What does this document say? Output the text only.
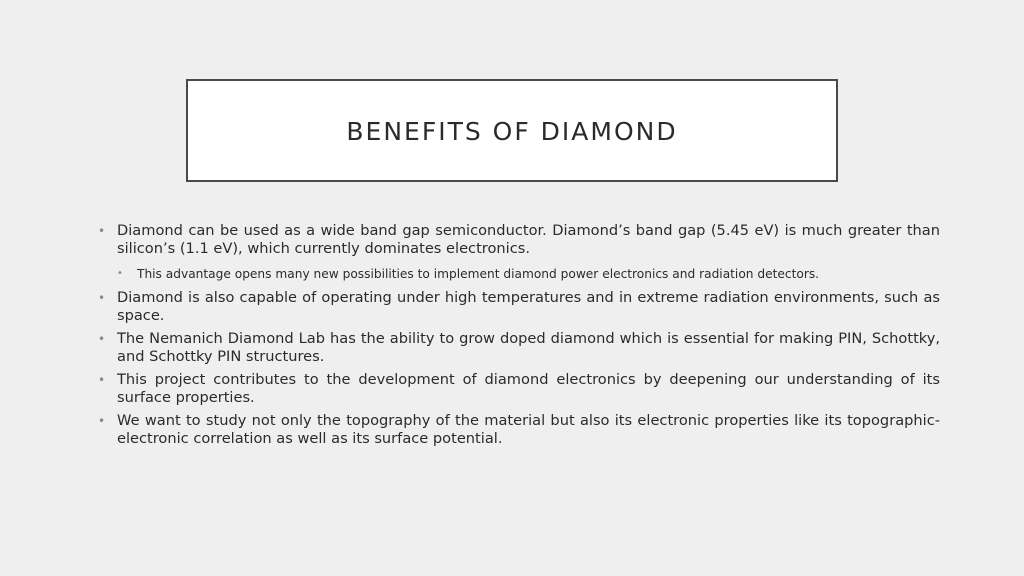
BENEFITS OF DIAMOND
• Diamond can be used as a wide band gap semiconductor. Diamond’s band gap (5.45 eV) is much greater than silicon’s (1.1 eV), which currently dominates electronics.
• This advantage opens many new possibilities to implement diamond power electronics and radiation detectors.
• Diamond is also capable of operating under high temperatures and in extreme radiation environments, such as space.
• The Nemanich Diamond Lab has the ability to grow doped diamond which is essential for making PIN, Schottky, and Schottky PIN structures.
• This project contributes to the development of diamond electronics by deepening our understanding of its surface properties.
• We want to study not only the topography of the material but also its electronic properties like its topographic-electronic correlation as well as its surface potential.
